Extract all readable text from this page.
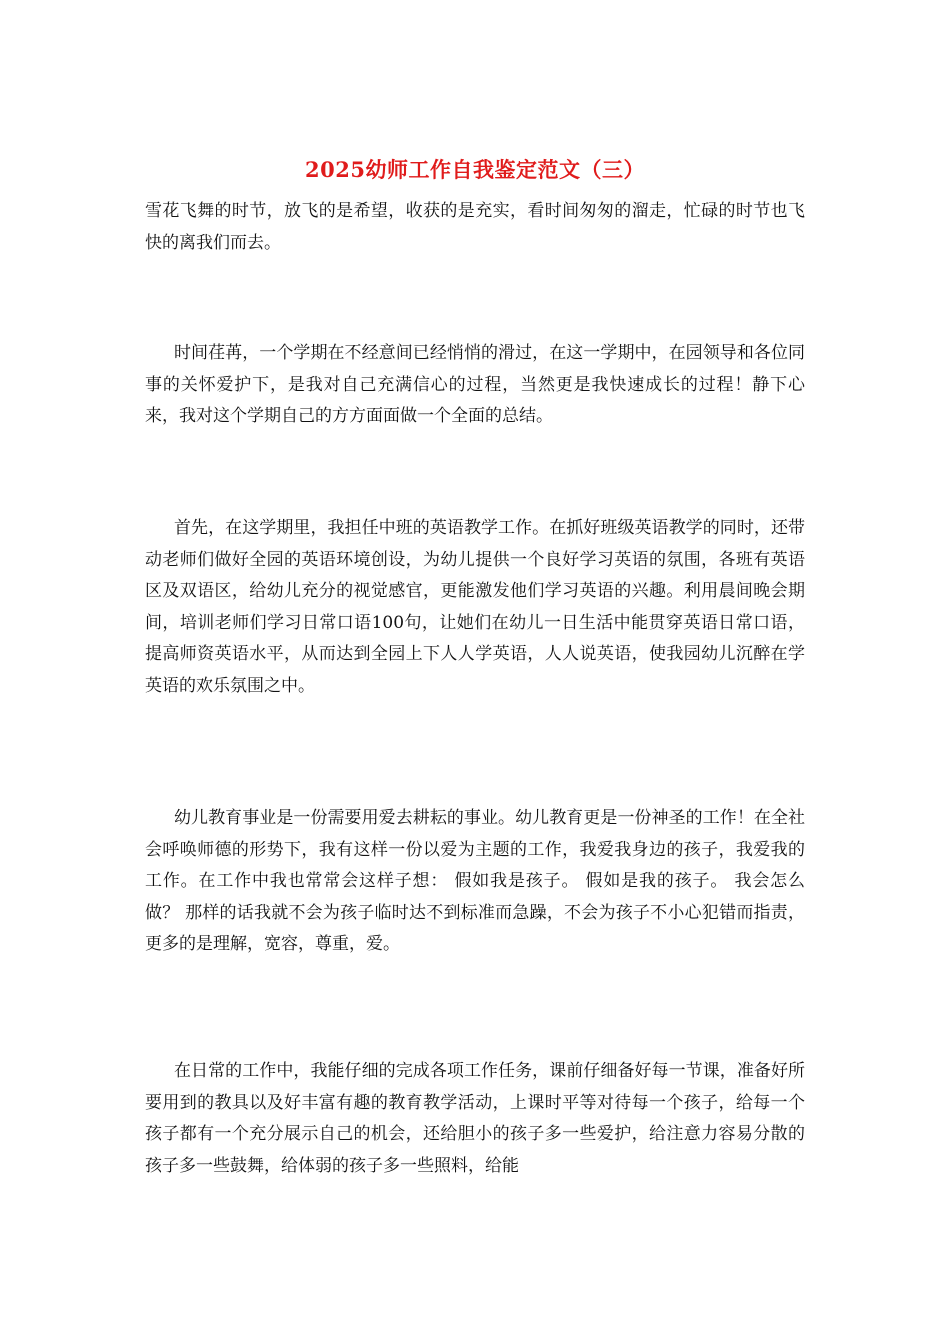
2025幼师工作自我鉴定范文（三）

雪花飞舞的时节，放飞的是希望，收获的是充实，看时间匆匆的溜走，忙碌的时节也飞快的离我们而去。

时间荏苒，一个学期在不经意间已经悄悄的滑过，在这一学期中，在园领导和各位同事的关怀爱护下，是我对自己充满信心的过程，当然更是我快速成长的过程！静下心来，我对这个学期自己的方方面面做一个全面的总结。

首先，在这学期里，我担任中班的英语教学工作。在抓好班级英语教学的同时，还带动老师们做好全园的英语环境创设，为幼儿提供一个良好学习英语的氛围，各班有英语区及双语区，给幼儿充分的视觉感官，更能激发他们学习英语的兴趣。利用晨间晚会期间，培训老师们学习日常口语100句，让她们在幼儿一日生活中能贯穿英语日常口语，提高师资英语水平，从而达到全园上下人人学英语，人人说英语，使我园幼儿沉醉在学英语的欢乐氛围之中。

幼儿教育事业是一份需要用爱去耕耘的事业。幼儿教育更是一份神圣的工作！在全社会呼唤师德的形势下，我有这样一份以爱为主题的工作，我爱我身边的孩子，我爱我的工作。在工作中我也常常会这样子想： 假如我是孩子。 假如是我的孩子。 我会怎么做？ 那样的话我就不会为孩子临时达不到标准而急躁，不会为孩子不小心犯错而指责，更多的是理解，宽容，尊重，爱。

在日常的工作中，我能仔细的完成各项工作任务，课前仔细备好每一节课，准备好所要用到的教具以及好丰富有趣的教育教学活动，上课时平等对待每一个孩子，给每一个孩子都有一个充分展示自己的机会，还给胆小的孩子多一些爱护，给注意力容易分散的孩子多一些鼓舞，给体弱的孩子多一些照料，给能
